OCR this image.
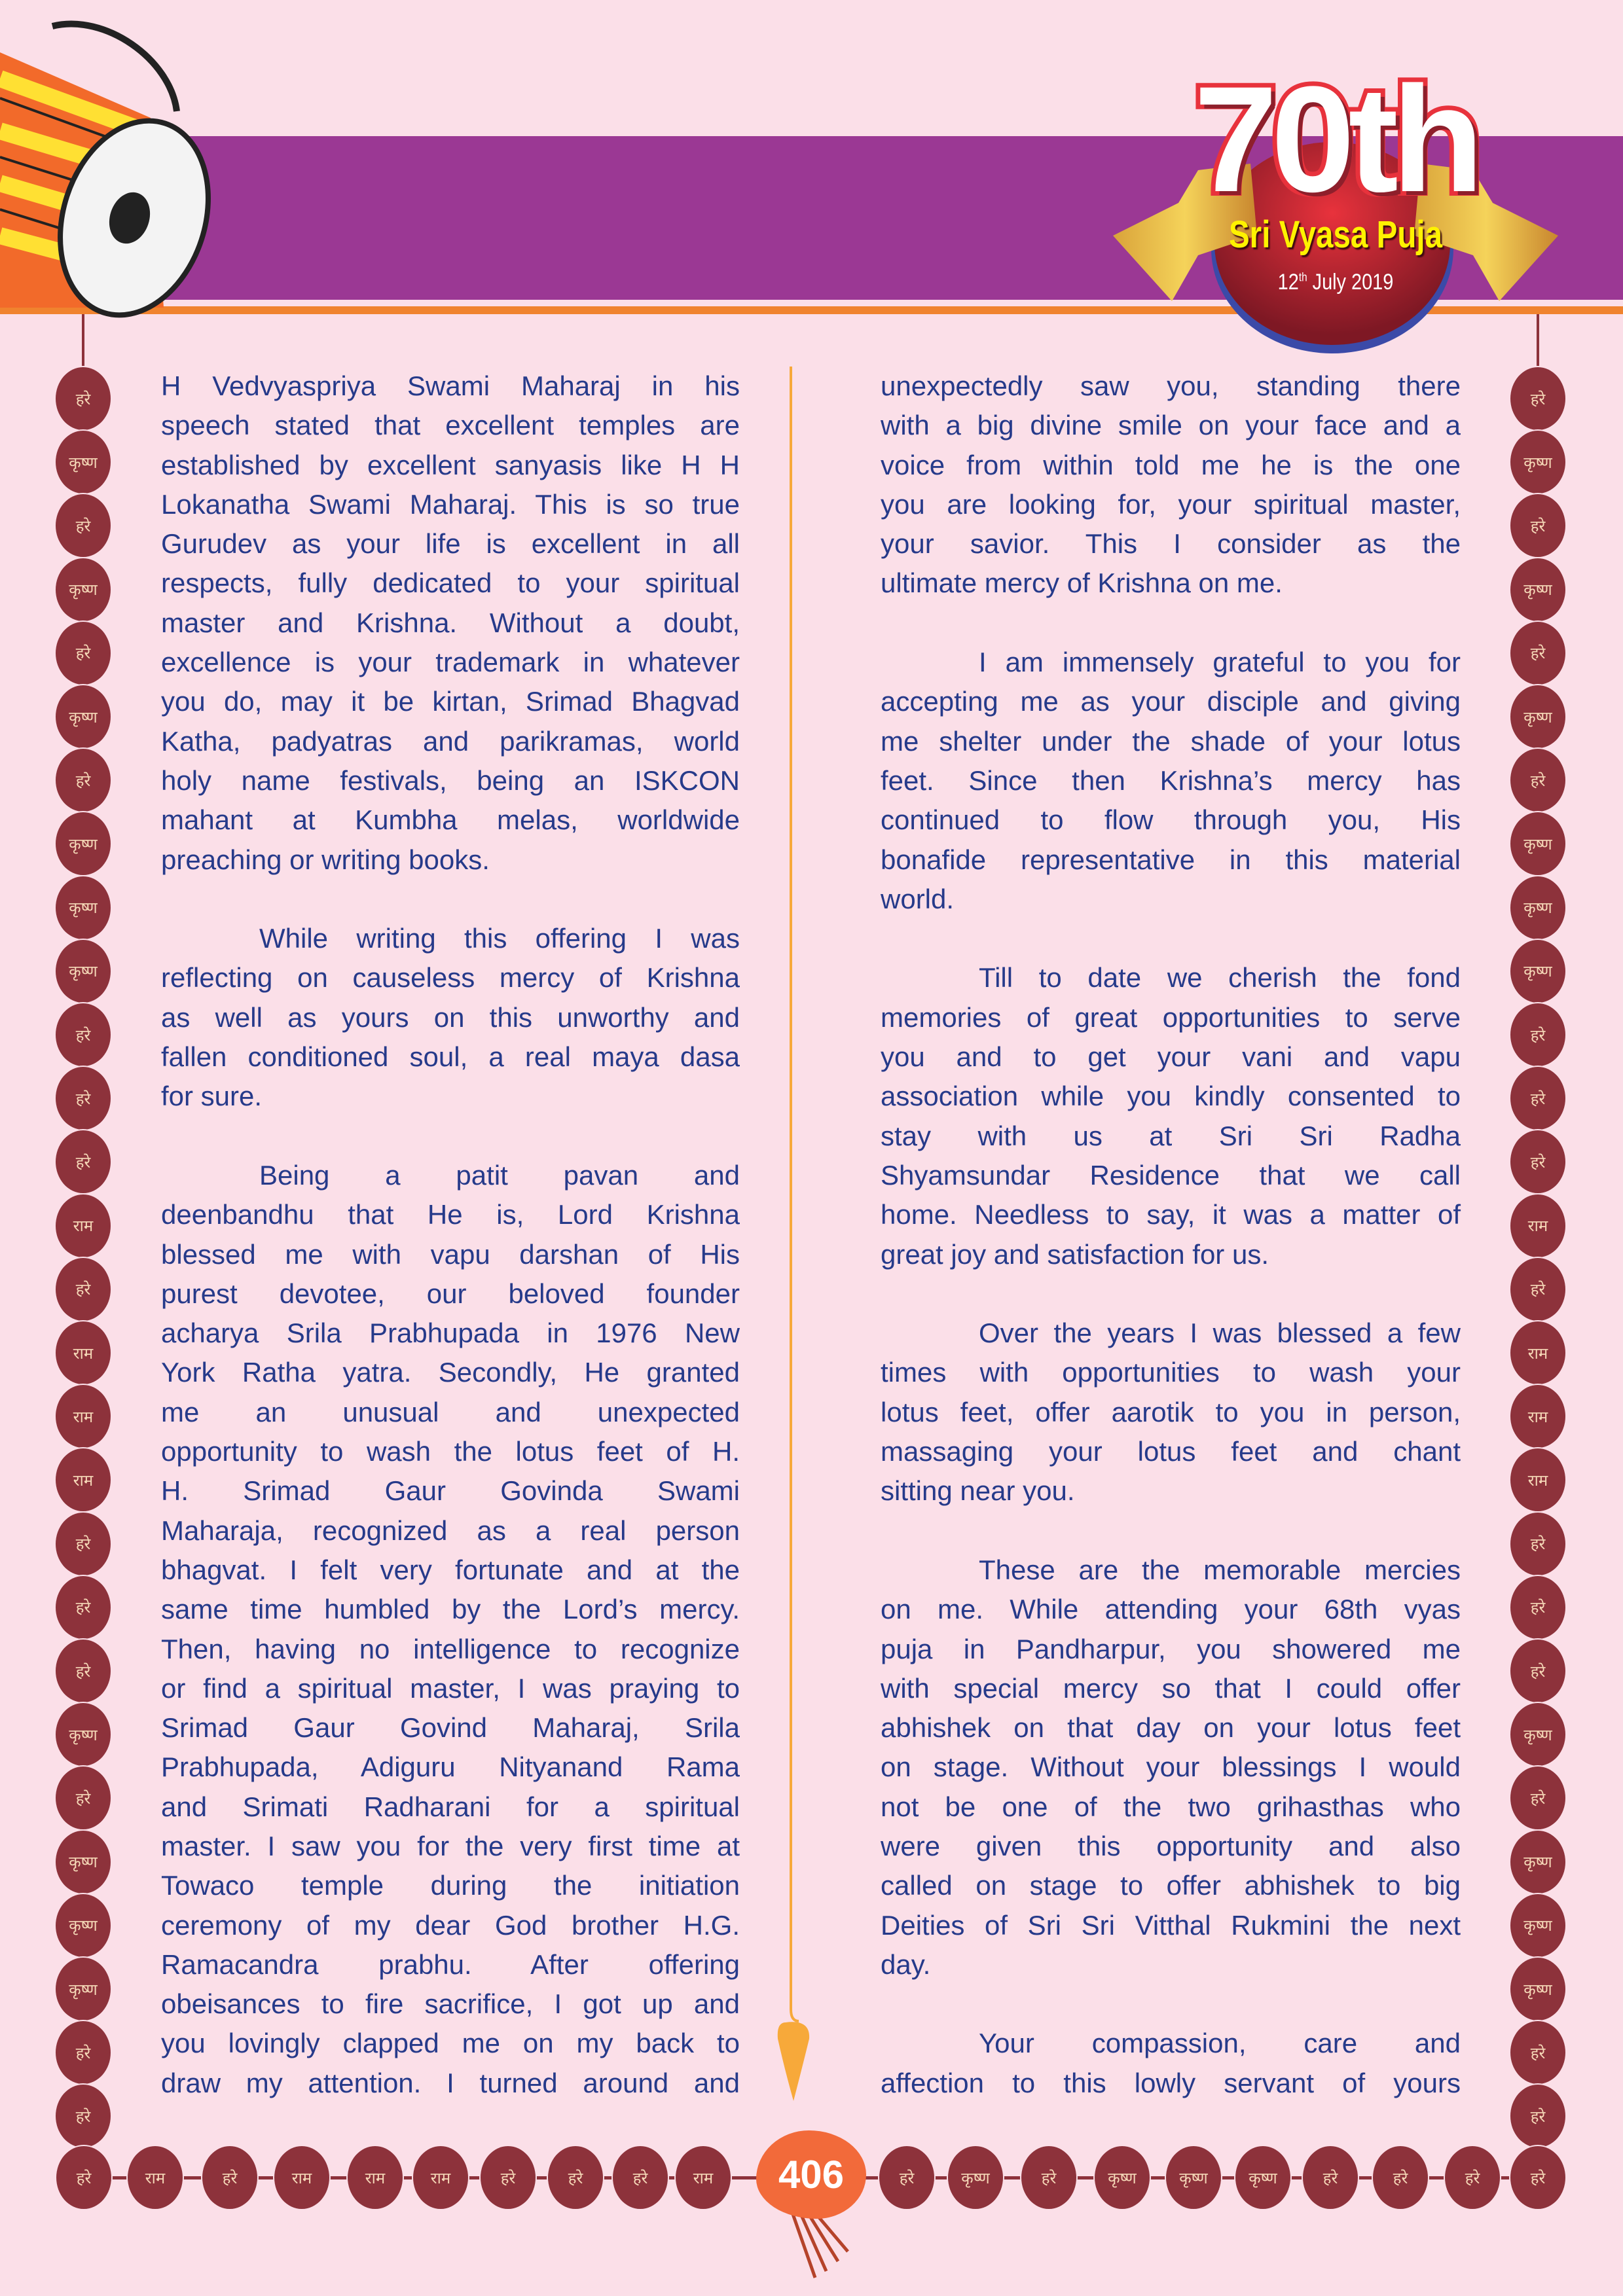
70th
Sri Vyasa Puja
12th July 2019
हरे
कृष्ण
हरे
कृष्ण
हरे
कृष्ण
हरे
कृष्ण
कृष्ण
कृष्ण
हरे
हरे
हरे
राम
हरे
राम
राम
राम
हरे
हरे
हरे
कृष्ण
हरे
कृष्ण
कृष्ण
कृष्ण
हरे
हरे
हरे
कृष्ण
हरे
कृष्ण
हरे
कृष्ण
हरे
कृष्ण
कृष्ण
कृष्ण
हरे
हरे
हरे
राम
हरे
राम
राम
राम
हरे
हरे
हरे
कृष्ण
हरे
कृष्ण
कृष्ण
कृष्ण
हरे
हरे
हरे	राम	हरे	राम	राम	राम	हरे	हरे	हरे	राम	हरे	कृष्ण	हरे	कृष्ण	कृष्ण	कृष्ण	हरे	हरे	हरे	हरे
406
H Vedvyaspriya Swami Maharaj in his
speech stated that excellent temples are
established by excellent sanyasis like H H
Lokanatha Swami Maharaj. This is so true
Gurudev as your life is excellent in all
respects, fully dedicated to your spiritual
master and Krishna. Without a doubt,
excellence is your trademark in whatever
you do, may it be kirtan, Srimad Bhagvad
Katha, padyatras and parikramas, world
holy name festivals, being an ISKCON
mahant at Kumbha melas, worldwide
preaching or writing books.
While writing this offering I was
reflecting on causeless mercy of Krishna
as well as yours on this unworthy and
fallen conditioned soul, a real maya dasa
for sure.
Being a patit pavan and
deenbandhu that He is, Lord Krishna
blessed me with vapu darshan of His
purest devotee, our beloved founder
acharya Srila Prabhupada in 1976 New
York Ratha yatra. Secondly, He granted
me an unusual and unexpected
opportunity to wash the lotus feet of H.
H. Srimad Gaur Govinda Swami
Maharaja, recognized as a real person
bhagvat. I felt very fortunate and at the
same time humbled by the Lord’s mercy.
Then, having no intelligence to recognize
or find a spiritual master, I was praying to
Srimad Gaur Govind Maharaj, Srila
Prabhupada, Adiguru Nityanand Rama
and Srimati Radharani for a spiritual
master. I saw you for the very first time at
Towaco temple during the initiation
ceremony of my dear God brother H.G.
Ramacandra prabhu. After offering
obeisances to fire sacrifice, I got up and
you lovingly clapped me on my back to
draw my attention. I turned around and
unexpectedly saw you, standing there
with a big divine smile on your face and a
voice from within told me he is the one
you are looking for, your spiritual master,
your savior. This I consider as the
ultimate mercy of Krishna on me.
I am immensely grateful to you for
accepting me as your disciple and giving
me shelter under the shade of your lotus
feet. Since then Krishna’s mercy has
continued to flow through you, His
bonafide representative in this material
world.
Till to date we cherish the fond
memories of great opportunities to serve
you and to get your vani and vapu
association while you kindly consented to
stay with us at Sri Sri Radha
Shyamsundar Residence that we call
home. Needless to say, it was a matter of
great joy and satisfaction for us.
Over the years I was blessed a few
times with opportunities to wash your
lotus feet, offer aarotik to you in person,
massaging your lotus feet and chant
sitting near you.
These are the memorable mercies
on me. While attending your 68th vyas
puja in Pandharpur, you showered me
with special mercy so that I could offer
abhishek on that day on your lotus feet
on stage. Without your blessings I would
not be one of the two grihasthas who
were given this opportunity and also
called on stage to offer abhishek to big
Deities of Sri Sri Vitthal Rukmini the next
day.
Your compassion, care and
affection to this lowly servant of yours
